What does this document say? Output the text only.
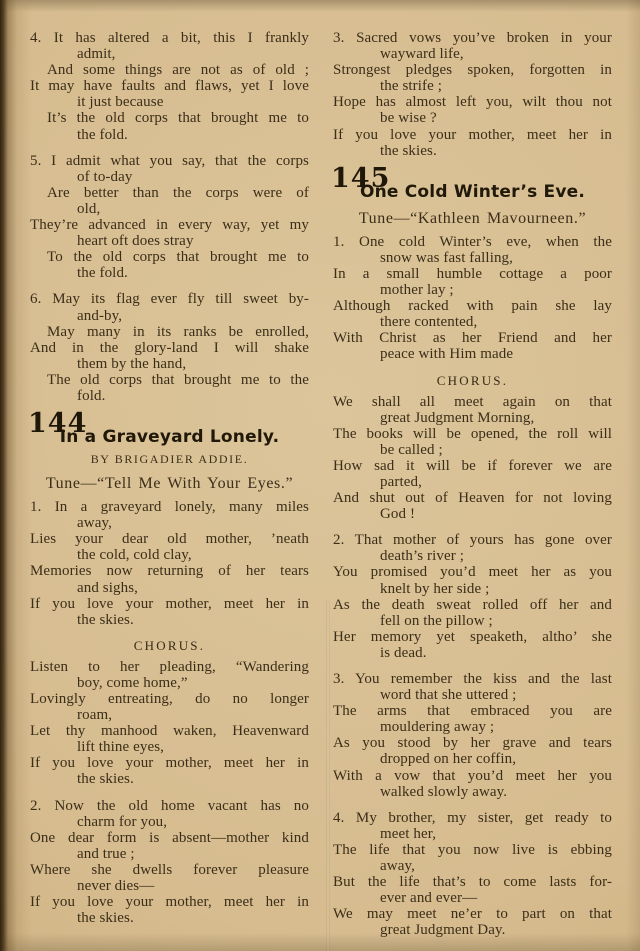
4. It has altered a bit, this I frankly
admit,
And some things are not as of old ;
It may have faults and flaws, yet I love
it just because
It’s the old corps that brought me to
the fold.
5. I admit what you say, that the corps
of to-day
Are better than the corps were of
old,
They’re advanced in every way, yet my
heart oft does stray
To the old corps that brought me to
the fold.
6. May its flag ever fly till sweet by-
and-by,
May many in its ranks be enrolled,
And in the glory-land I will shake
them by the hand,
The old corps that brought me to the
fold.
144
In a Graveyard Lonely.
BY BRIGADIER ADDIE.
Tune—“Tell Me With Your Eyes.”
1. In a graveyard lonely, many miles
away,
Lies your dear old mother, ’neath
the cold, cold clay,
Memories now returning of her tears
and sighs,
If you love your mother, meet her in
the skies.
CHORUS.
Listen to her pleading, “Wandering
boy, come home,”
Lovingly entreating, do no longer
roam,
Let thy manhood waken, Heavenward
lift thine eyes,
If you love your mother, meet her in
the skies.
2. Now the old home vacant has no
charm for you,
One dear form is absent—mother kind
and true ;
Where she dwells forever pleasure
never dies—
If you love your mother, meet her in
the skies.
3. Sacred vows you’ve broken in your
wayward life,
Strongest pledges spoken, forgotten in
the strife ;
Hope has almost left you, wilt thou not
be wise ?
If you love your mother, meet her in
the skies.
145
One Cold Winter’s Eve.
Tune—“Kathleen Mavourneen.”
1. One cold Winter’s eve, when the
snow was fast falling,
In a small humble cottage a poor
mother lay ;
Although racked with pain she lay
there contented,
With Christ as her Friend and her
peace with Him made
CHORUS.
We shall all meet again on that
great Judgment Morning,
The books will be opened, the roll will
be called ;
How sad it will be if forever we are
parted,
And shut out of Heaven for not loving
God !
2. That mother of yours has gone over
death’s river ;
You promised you’d meet her as you
knelt by her side ;
As the death sweat rolled off her and
fell on the pillow ;
Her memory yet speaketh, altho’ she
is dead.
3. You remember the kiss and the last
word that she uttered ;
The arms that embraced you are
mouldering away ;
As you stood by her grave and tears
dropped on her coffin,
With a vow that you’d meet her you
walked slowly away.
4. My brother, my sister, get ready to
meet her,
The life that you now live is ebbing
away,
But the life that’s to come lasts for-
ever and ever—
We may meet ne’er to part on that
great Judgment Day.
